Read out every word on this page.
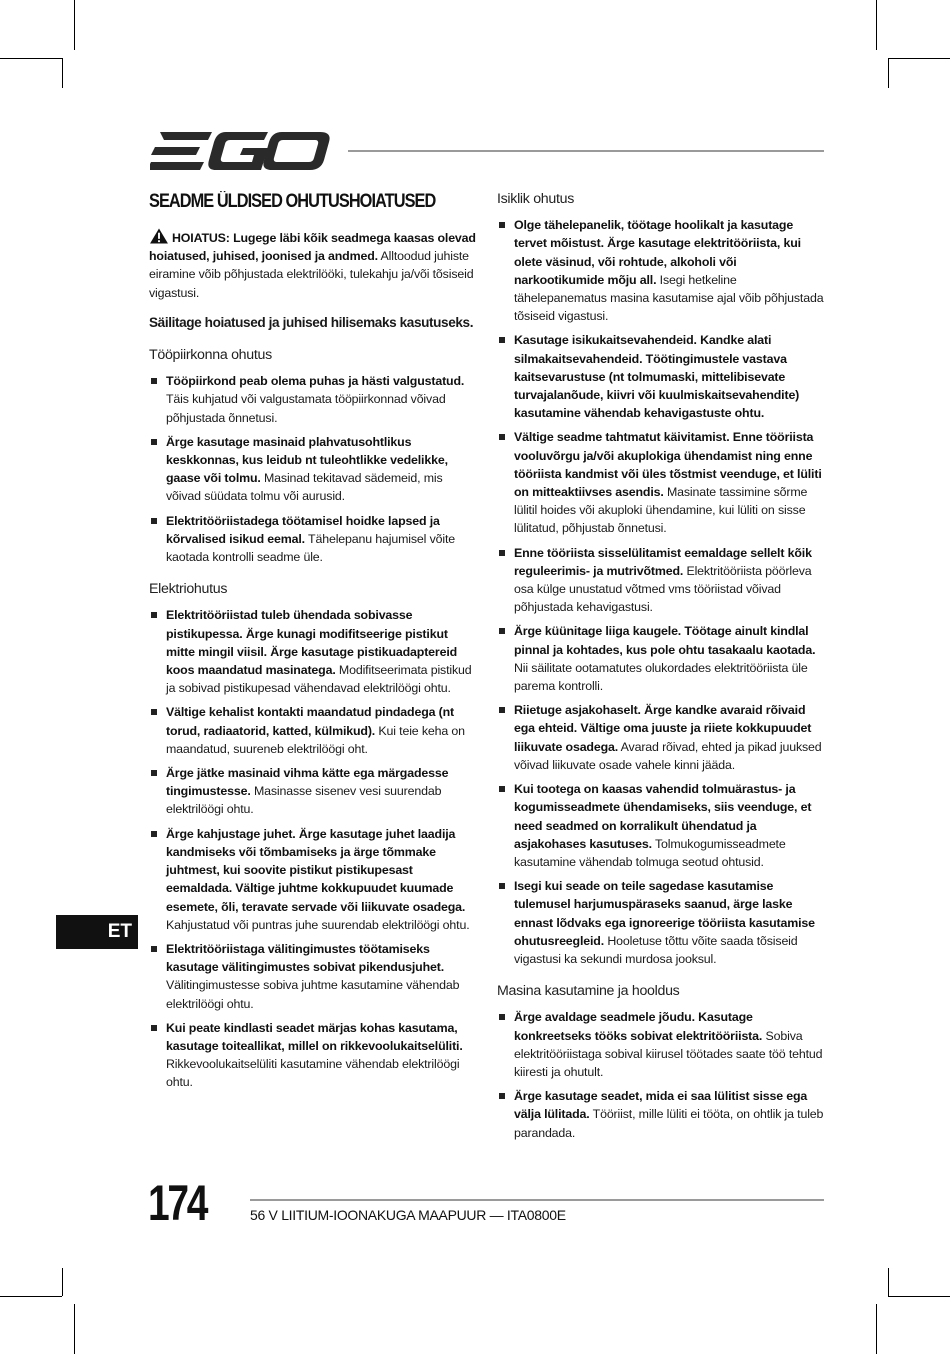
SEADME ÜLDISED OHUTUSHOIATUSED
HOIATUS: Lugege läbi kõik seadmega kaasas olevad hoiatused, juhised, joonised ja andmed. Alltoodud juhiste eiramine võib põhjustada elektrilööki, tulekahju ja/või tõsiseid vigastusi.
Säilitage hoiatused ja juhised hilisemaks kasutuseks.
Tööpiirkonna ohutus
Tööpiirkond peab olema puhas ja hästi valgustatud. Täis kuhjatud või valgustamata tööpiirkonnad võivad põhjustada õnnetusi.
Ärge kasutage masinaid plahvatusohtlikus keskkonnas, kus leidub nt tuleohtlikke vedelikke, gaase või tolmu. Masinad tekitavad sädemeid, mis võivad süüdata tolmu või aurusid.
Elektritööriistadega töötamisel hoidke lapsed ja kõrvalised isikud eemal. Tähelepanu hajumisel võite kaotada kontrolli seadme üle.
Elektriohutus
Elektritööriistad tuleb ühendada sobivasse pistikupessa. Ärge kunagi modifitseerige pistikut mitte mingil viisil. Ärge kasutage pistikuadaptereid koos maandatud masinatega. Modifitseerimata pistikud ja sobivad pistikupesad vähendavad elektrilöögi ohtu.
Vältige kehalist kontakti maandatud pindadega (nt torud, radiaatorid, katted, külmikud). Kui teie keha on maandatud, suureneb elektrilöögi oht.
Ärge jätke masinaid vihma kätte ega märgadesse tingimustesse. Masinasse sisenev vesi suurendab elektrilöögi ohtu.
Ärge kahjustage juhet. Ärge kasutage juhet laadija kandmiseks või tõmbamiseks ja ärge tõmmake juhtmest, kui soovite pistikut pistikupesast eemaldada. Vältige juhtme kokkupuudet kuumade esemete, õli, teravate servade või liikuvate osadega. Kahjustatud või puntras juhe suurendab elektrilöögi ohtu.
Elektritööriistaga välitingimustes töötamiseks kasutage välitingimustes sobivat pikendusjuhet. Välitingimustesse sobiva juhtme kasutamine vähendab elektrilöögi ohtu.
Kui peate kindlasti seadet märjas kohas kasutama, kasutage toiteallikat, millel on rikkevoolukaitselüliti. Rikkevoolukaitselüliti kasutamine vähendab elektrilöögi ohtu.
Isiklik ohutus
Olge tähelepanelik, töötage hoolikalt ja kasutage tervet mõistust. Ärge kasutage elektritööriista, kui olete väsinud, või rohtude, alkoholi või narkootikumide mõju all. Isegi hetkeline tähelepanematus masina kasutamise ajal võib põhjustada tõsiseid vigastusi.
Kasutage isikukaitsevahendeid. Kandke alati silmakaitsevahendeid. Töötingimustele vastava kaitsevarustuse (nt tolmumaski, mittelibisevate turvajalanõude, kiivri või kuulmiskaitsevahendite) kasutamine vähendab kehavigastuste ohtu.
Vältige seadme tahtmatut käivitamist. Enne tööriista vooluvõrgu ja/või akuplokiga ühendamist ning enne tööriista kandmist või üles tõstmist veenduge, et lüliti on mitteaktiivses asendis. Masinate tassimine sõrme lülitil hoides või akuploki ühendamine, kui lüliti on sisse lülitatud, põhjustab õnnetusi.
Enne tööriista sisselülitamist eemaldage sellelt kõik reguleerimis- ja mutrivõtmed. Elektritööriista pöörleva osa külge unustatud võtmed vms tööriistad võivad põhjustada kehavigastusi.
Ärge küünitage liiga kaugele. Töötage ainult kindlal pinnal ja kohtades, kus pole ohtu tasakaalu kaotada. Nii säilitate ootamatutes olukordades elektritööriista üle parema kontrolli.
Riietuge asjakohaselt. Ärge kandke avaraid rõivaid ega ehteid. Vältige oma juuste ja riiete kokkupuudet liikuvate osadega. Avarad rõivad, ehted ja pikad juuksed võivad liikuvate osade vahele kinni jääda.
Kui tootega on kaasas vahendid tolmuärastus- ja kogumisseadmete ühendamiseks, siis veenduge, et need seadmed on korralikult ühendatud ja asjakohases kasutuses. Tolmukogumisseadmete kasutamine vähendab tolmuga seotud ohtusid.
Isegi kui seade on teile sagedase kasutamise tulemusel harjumuspäraseks saanud, ärge laske ennast lõdvaks ega ignoreerige tööriista kasutamise ohutusreegleid. Hooletuse tõttu võite saada tõsiseid vigastusi ka sekundi murdosa jooksul.
Masina kasutamine ja hooldus
Ärge avaldage seadmele jõudu. Kasutage konkreetseks tööks sobivat elektritööriista. Sobiva elektritööriistaga sobival kiirusel töötades saate töö tehtud kiiresti ja ohutult.
Ärge kasutage seadet, mida ei saa lülitist sisse ega välja lülitada. Tööriist, mille lüliti ei tööta, on ohtlik ja tuleb parandada.
ET
174	56 V LIITIUM-IOONAKUGA MAAPUUR — ITA0800E
